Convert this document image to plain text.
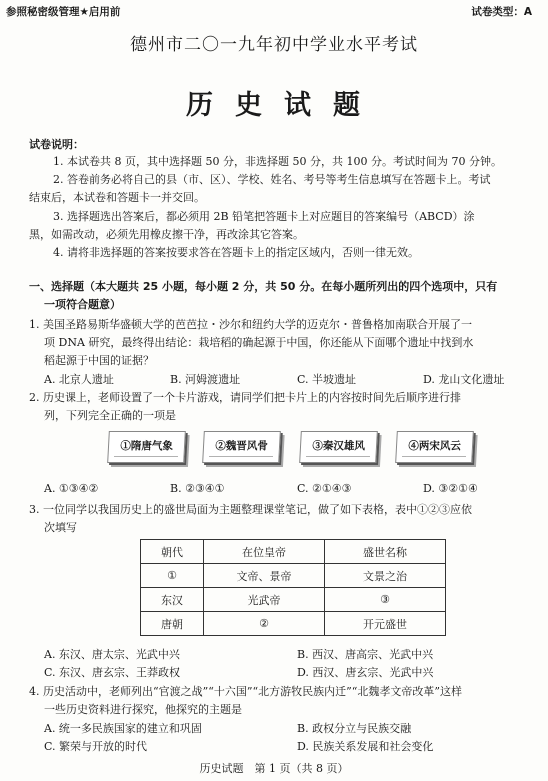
参照秘密级管理★启用前	试卷类型：A
德州市二〇一九年初中学业水平考试
历史试题
试卷说明：
1. 本试卷共 8 页，其中选择题 50 分，非选择题 50 分，共 100 分。考试时间为 70 分钟。
2. 答卷前务必将自己的县（市、区）、学校、姓名、考号等考生信息填写在答题卡上。考试
结束后，本试卷和答题卡一并交回。
3. 选择题选出答案后，都必须用 2B 铅笔把答题卡上对应题目的答案编号（ABCD）涂
黑，如需改动，必须先用橡皮擦干净，再改涂其它答案。
4. 请将非选择题的答案按要求答在答题卡上的指定区域内，否则一律无效。
一、选择题（本大题共 25 小题，每小题 2 分，共 50 分。在每小题所列出的四个选项中，只有
一项符合题意）
1. 美国圣路易斯华盛顿大学的芭芭拉・沙尔和纽约大学的迈克尔・普鲁格加南联合开展了一
项 DNA 研究，最终得出结论：栽培稻的确起源于中国，你还能从下面哪个遗址中找到水
稻起源于中国的证据？
A. 北京人遗址	B. 河姆渡遗址	C. 半坡遗址	D. 龙山文化遗址
2. 历史课上，老师设置了一个卡片游戏，请同学们把卡片上的内容按时间先后顺序进行排
列，下列完全正确的一项是
①隋唐气象	②魏晋风骨	③秦汉雄风	④两宋风云
A. ①③④②	B. ②③④①	C. ②①④③	D. ③②①④
3. 一位同学以我国历史上的盛世局面为主题整理课堂笔记，做了如下表格，表中①②③应依
次填写
朝代	在位皇帝	盛世名称
①	文帝、景帝	文景之治
东汉	光武帝	③
唐朝	②	开元盛世
A. 东汉、唐太宗、光武中兴	B. 西汉、唐高宗、光武中兴
C. 东汉、唐玄宗、王莽政权	D. 西汉、唐玄宗、光武中兴
4. 历史活动中，老师列出“官渡之战”“十六国”“北方游牧民族内迁”“北魏孝文帝改革”这样
一些历史资料进行探究，他探究的主题是
A. 统一多民族国家的建立和巩固	B. 政权分立与民族交融
C. 繁荣与开放的时代	D. 民族关系发展和社会变化
历史试题　第 1 页（共 8 页）
